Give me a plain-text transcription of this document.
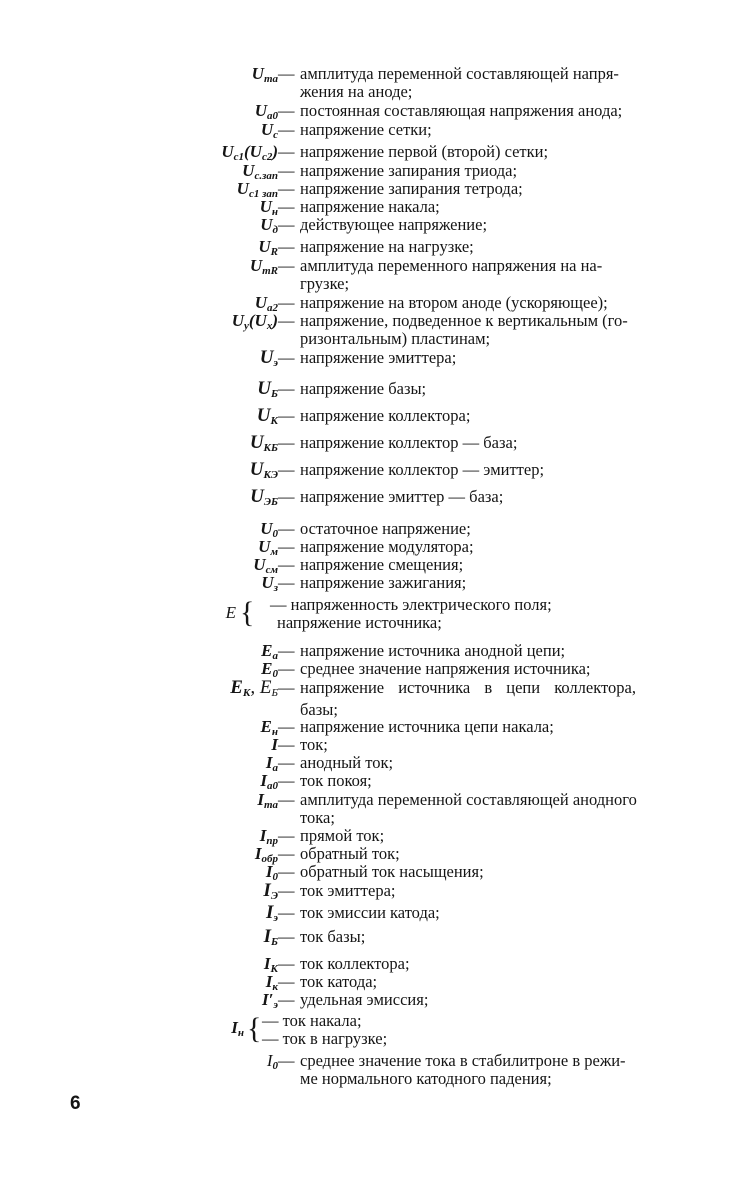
$U_{ma}$ — амплитуда переменной составляющей напря-
жения на аноде;
$U_{a0}$ — постоянная составляющая напряжения анода;
$U_c$ — напряжение сетки;
$U_{c1}(U_{c2})$ — напряжение первой (второй) сетки;
$U_{c.зап}$ — напряжение запирания триода;
$U_{c1 зап}$ — напряжение запирания тетрода;
$U_н$ — напряжение накала;
$U_д$ — действующее напряжение;
$U_R$ — напряжение на нагрузке;
$U_{mR}$ — амплитуда переменного напряжения на на-
грузке;
$U_{a2}$ — напряжение на втором аноде (ускоряющее);
$U_y(U_x)$ — напряжение, подведенное к вертикальным (го-
ризонтальным) пластинам;
$U_э$ — напряжение эмиттера;
$U_Б$ — напряжение базы;
$U_К$ — напряжение коллектора;
$U_{КБ}$ — напряжение коллектор — база;
$U_{КЭ}$ — напряжение коллектор — эмиттер;
$U_{ЭБ}$ — напряжение эмиттер — база;
$U_0$ — остаточное напряжение;
$U_м$ — напряжение модулятора;
$U_{см}$ — напряжение смещения;
$U_з$ — напряжение зажигания;
E { — напряженность электрического поля;
напряжение источника;
$E_a$ — напряжение источника анодной цепи;
$E_0$ — среднее значение напряжения источника;
$E_К$, $E_Б$ — напряжение источника в цепи коллектора,
базы;
$E_н$ — напряжение источника цепи накала;
I — ток;
$I_a$ — анодный ток;
$I_{a0}$ — ток покоя;
$I_{ma}$ — амплитуда переменной составляющей анодного
тока;
$I_{пр}$ — прямой ток;
$I_{обр}$ — обратный ток;
$I_0$ — обратный ток насыщения;
$I_Э$ — ток эмиттера;
$I_э$ — ток эмиссии катода;
$I_Б$ — ток базы;
$I_К$ — ток коллектора;
$I_к$ — ток катода;
$I'_э$ — удельная эмиссия;
$I_н$ { — ток накала;
— ток в нагрузке;
$I_0$ — среднее значение тока в стабилитроне в режи-
ме нормального катодного падения;
6
